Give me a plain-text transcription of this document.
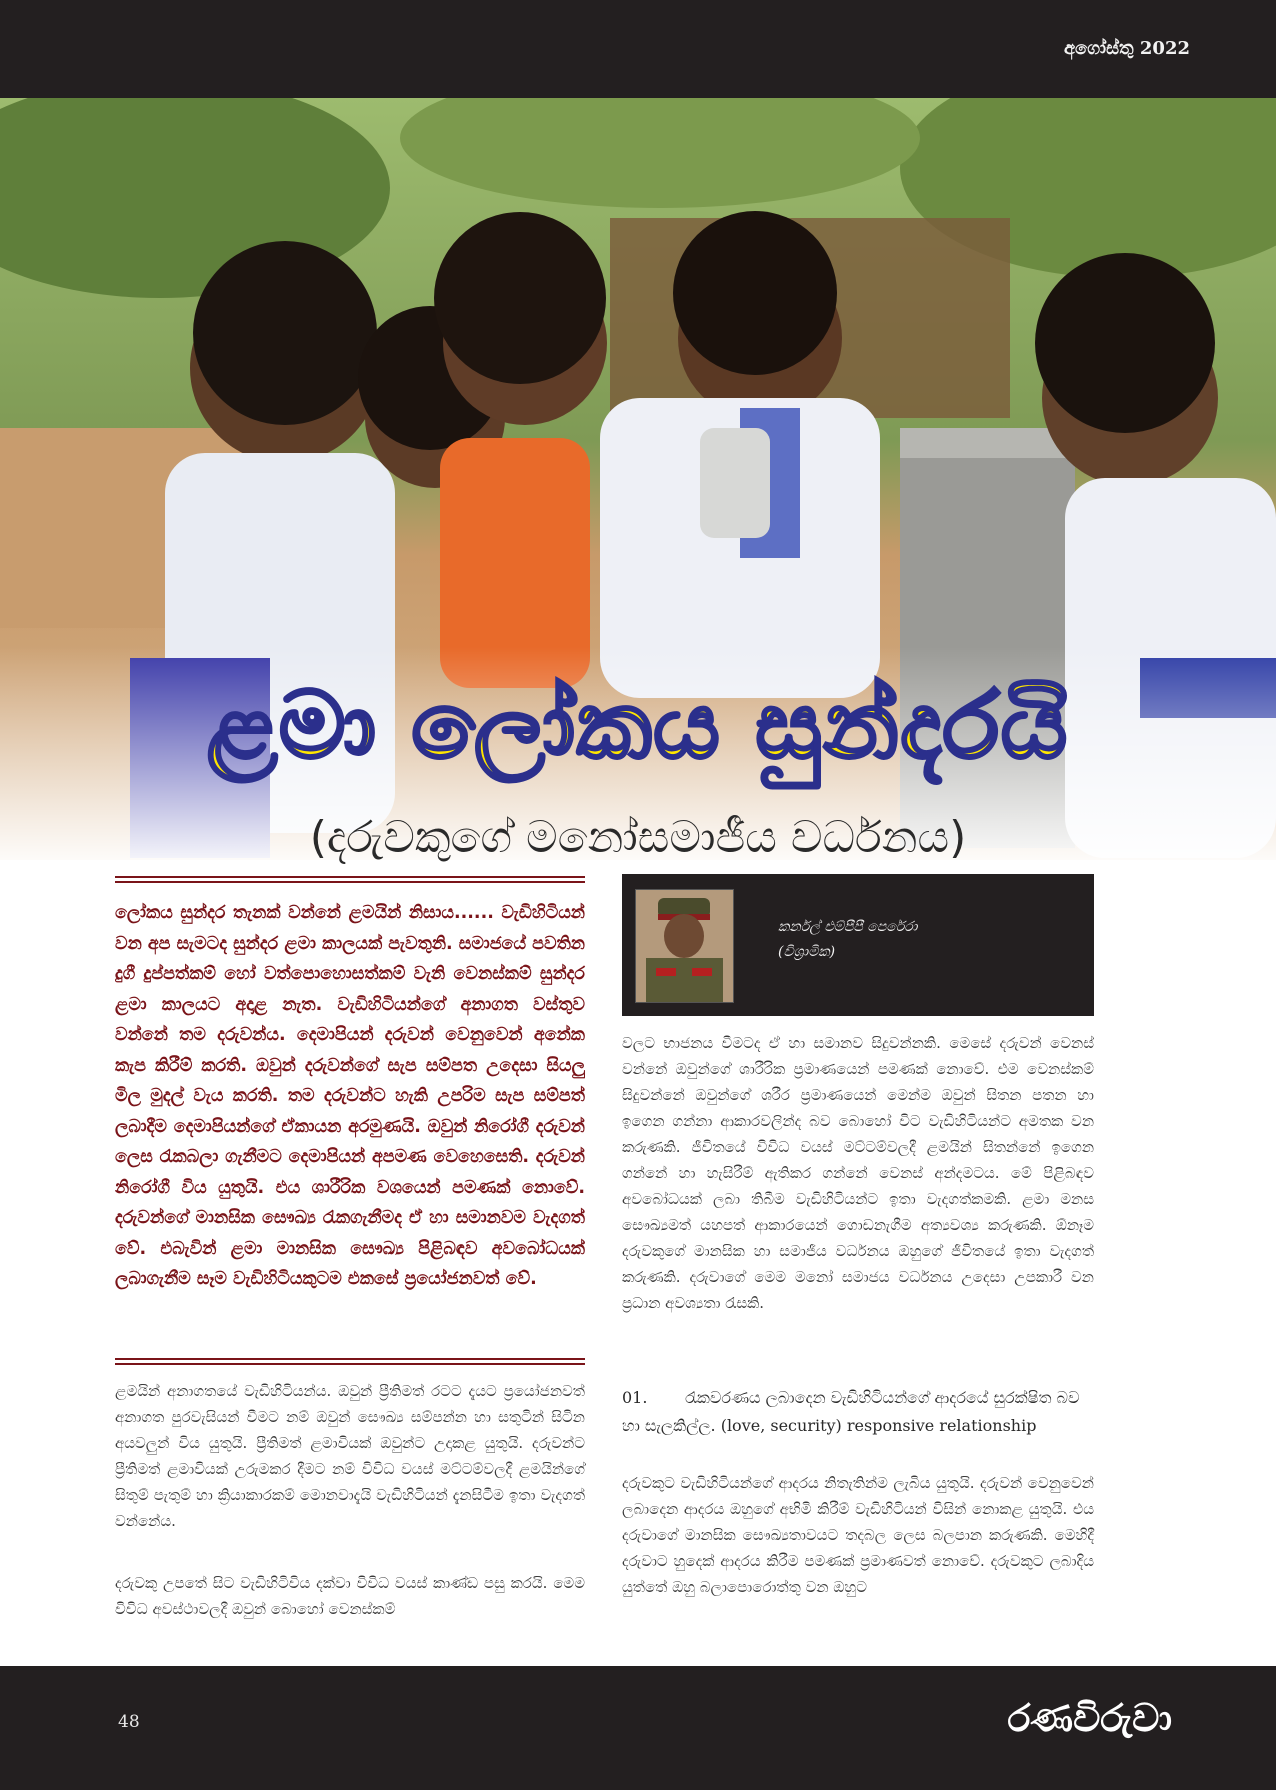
අගෝස්තු 2022
ළමා ලෝකය සුන්දරයි
(දරුවකුගේ මනෝසමාජීය වර්ධනය)

ලෝකය සුන්දර තැනක් වන්නේ ළමයින් නිසාය...... වැඩිහිටියන් වන අප සැමටද සුන්දර ළමා කාලයක් පැවතුනි. සමාජයේ පවතින දුගී දුප්පත්කම් හෝ වත්පොහොසත්කම් වැනි වෙනස්කම් සුන්දර ළමා කාලයට අදාළ නැත. වැඩිහිටියන්ගේ අනාගත වස්තුව වන්නේ තම දරුවන්ය. දෙමාපියන් දරුවන් වෙනුවෙන් අනේක කැප කිරීම් කරති. ඔවුන් දරුවන්ගේ සැප සම්පත උදෙසා සියලු මිල මුදල් වැය කරති. තම දරුවන්ට හැකි උපරිම සැප සම්පත් ලබාදීම දෙමාපියන්ගේ ඒකායන අරමුණයි. ඔවුන් නිරෝගී දරුවන් ලෙස රැකබලා ගැනීමට දෙමාපියන් අපමණ වෙහෙසෙති. දරුවන් නිරෝගී විය යුතුයි. එය ශාරීරික වශයෙන් පමණක් නොවේ. දරුවන්ගේ මානසික සෞඛ්‍ය රැකගැනීමද ඒ හා සමානවම වැදගත් වේ. එබැවින් ළමා මානසික සෞඛ්‍ය පිළිබඳව අවබෝධයක් ලබාගැනීම සෑම වැඩිහිටියකුටම එකසේ ප්‍රයෝජනවත් වේ.

ළමයින් අනාගතයේ වැඩිහිටියන්ය. ඔවුන් ප්‍රීතිමත් රටට දැයට ප්‍රයෝජනවත් අනාගත පුරවැසියන් වීමට නම් ඔවුන් සෞඛ්‍ය සම්පන්න හා සතුටින් සිටින අයවලුන් විය යුතුයි. ප්‍රීතිමත් ළමාවියක් ඔවුන්ට උදාකළ යුතුයි. දරුවන්ට ප්‍රීතිමත් ළමාවියක් උරුමකර දීමට නම් විවිධ වයස් මට්ටම්වලදී ළමයින්ගේ සිතුම් පැතුම් හා ක්‍රියාකාරකම් මොනවාදැයි වැඩිහිටියන් දැනසිටීම ඉතා වැදගත් වන්නේය.

දරුවකු උපතේ සිට වැඩිහිටිවිය දක්වා විවිධ වයස් කාණ්ඩ පසු කරයි. මෙම විවිධ අවස්ථාවලදී ඔවුන් බොහෝ වෙනස්කම්

කර්නල් එම්පීපී පෙරේරා
(විශ්‍රාමික)

වලට භාජනය වීමටද ඒ හා සමානව සිදුවන්නකි. මෙසේ දරුවන් වෙනස් වන්නේ ඔවුන්ගේ ශාරීරික ප්‍රමාණයෙන් පමණක් නොවේ. එම වෙනස්කම් සිදුවන්නේ ඔවුන්ගේ ශරීර ප්‍රමාණයෙන් මෙන්ම ඔවුන් සිතන පතන හා ඉගෙන ගන්නා ආකාරවලින්ද බව බොහෝ විට වැඩිහිටියන්ට අමතක වන කරුණකි. ජීවිතයේ විවිධ වයස් මට්ටම්වලදී ළමයින් සිතන්නේ ඉගෙන ගන්නේ හා හැසිරීම් ඇතිකර ගන්නේ වෙනස් අන්දමටය. මේ පිළිබඳව අවබෝධයක් ලබා තිබීම වැඩිහිටියන්ට ඉතා වැදගත්කමකි. ළමා මනස සෞඛ්‍යමත් යහපත් ආකාරයෙන් ගොඩනැගීම අත්‍යවශ්‍ය කරුණකි. ඕනෑම දරුවකුගේ මානසික හා සමාජීය වර්ධනය ඔහුගේ ජීවිතයේ ඉතා වැදගත් කරුණකි. දරුවාගේ මෙම මනෝ සමාජය වර්ධනය උදෙසා උපකාරී වන ප්‍රධාන අවශ්‍යතා රැසකි.

01. රැකවරණය ලබාදෙන වැඩිහිටියන්ගේ ආදරයේ සුරක්ෂිත බව හා සැලකිල්ල. (love, security) responsive relationship

දරුවකුට වැඩිහිටියන්ගේ ආදරය නිතැතින්ම ලැබිය යුතුයි. දරුවන් වෙනුවෙන් ලබාදෙන ආදරය ඔහුගේ අභිමි කිරීම් වැඩිහිටියන් විසින් නොකළ යුතුයි. එය දරුවාගේ මානසික සෞඛ්‍යතාවයට තදබල ලෙස බලපාන කරුණකි. මෙහිදී දරුවාට හුදෙක් ආදරය කිරීම පමණක් ප්‍රමාණවත් නොවේ. දරුවකුට ලබාදිය යුත්තේ ඔහු බලාපොරොත්තු වන ඔහුට

48	රණවිරුවා
